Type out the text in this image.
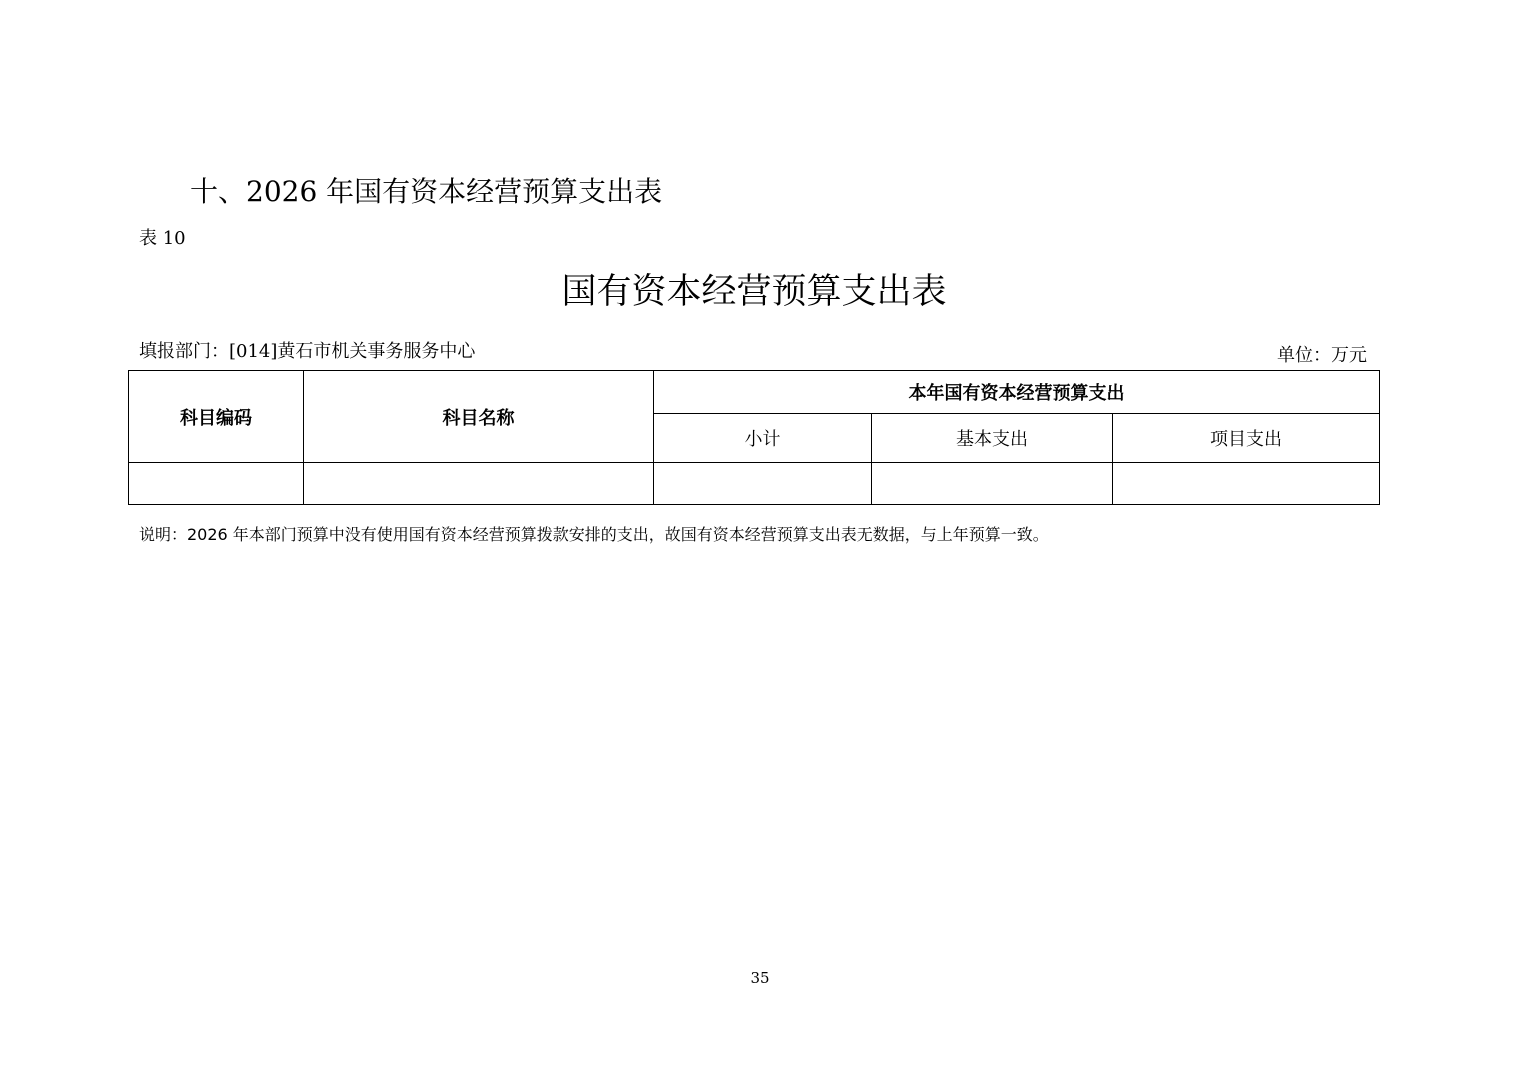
十、2026 年国有资本经营预算支出表
表 10
国有资本经营预算支出表
填报部门：[014]黄石市机关事务服务中心	单位：万元
科目编码	科目名称	本年国有资本经营预算支出		
		小计	基本支出	项目支出

说明：2026 年本部门预算中没有使用国有资本经营预算拨款安排的支出，故国有资本经营预算支出表无数据，与上年预算一致。
35
